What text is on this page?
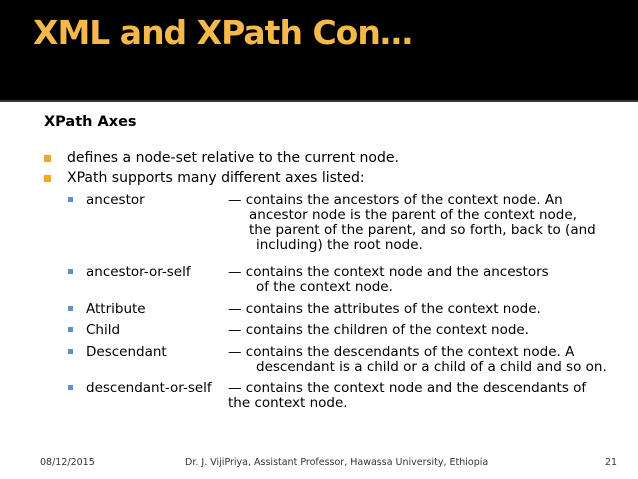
XML and XPath Con…
XPath Axes
defines a node-set relative to the current node.
XPath supports many different axes listed:
ancestor	— contains the ancestors of the context node. An
ancestor node is the parent of the context node,
the parent of the parent, and so forth, back to (and
including) the root node.
ancestor-or-self	— contains the context node and the ancestors
of the context node.
Attribute	— contains the attributes of the context node.
Child	— contains the children of the context node.
Descendant	— contains the descendants of the context node. A
descendant is a child or a child of a child and so on.
descendant-or-self — contains the context node and the descendants of
the context node.
08/12/2015	Dr. J. VijiPriya, Assistant Professor, Hawassa University, Ethiopia	21
